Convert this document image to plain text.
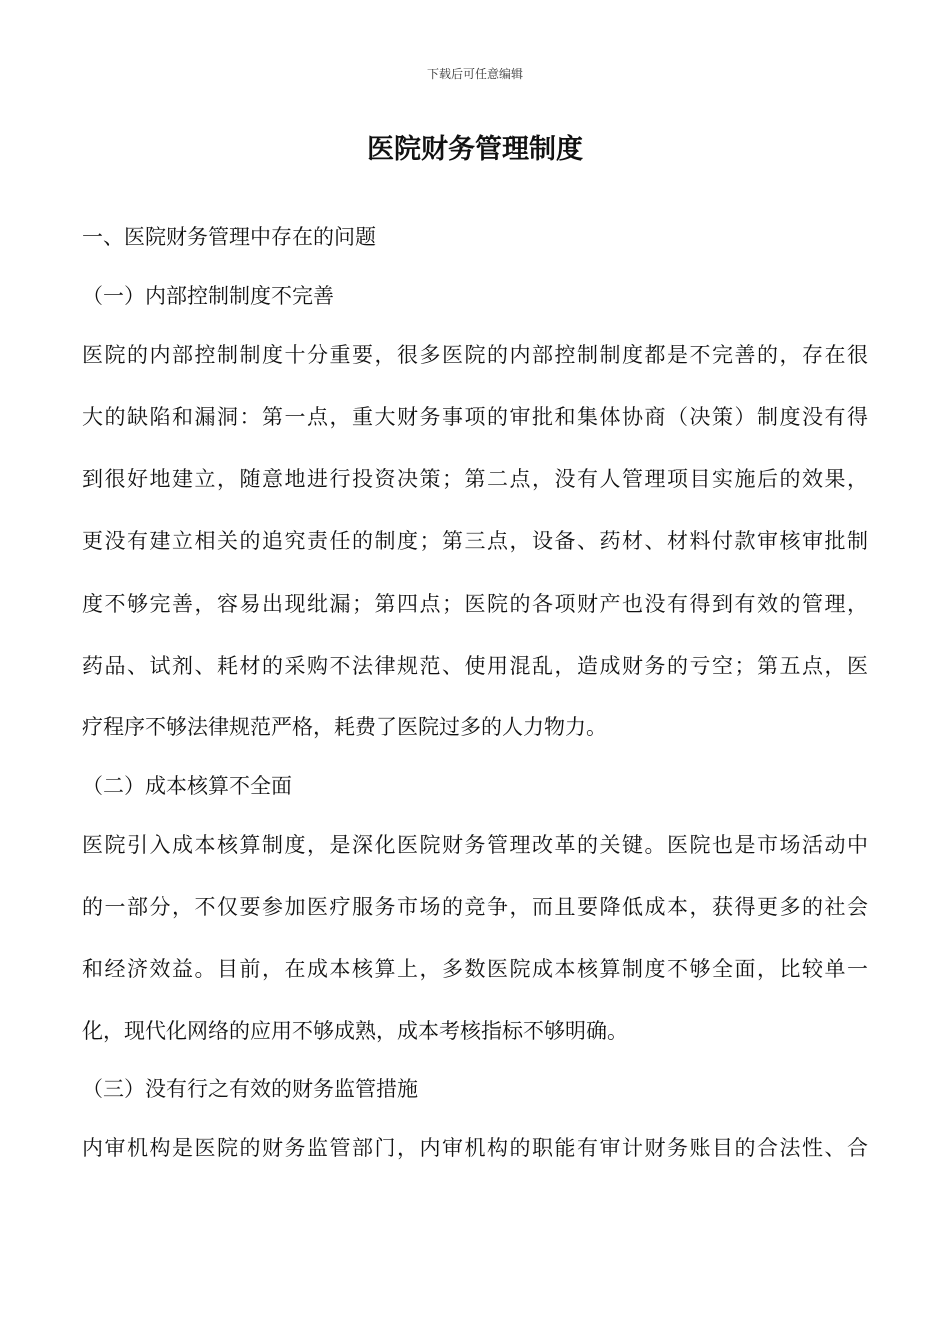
下载后可任意编辑
医院财务管理制度
一、医院财务管理中存在的问题
（一）内部控制制度不完善
医院的内部控制制度十分重要，很多医院的内部控制制度都是不完善的，存在很
大的缺陷和漏洞：第一点，重大财务事项的审批和集体协商（决策）制度没有得
到很好地建立，随意地进行投资决策；第二点，没有人管理项目实施后的效果，
更没有建立相关的追究责任的制度；第三点，设备、药材、材料付款审核审批制
度不够完善，容易出现纰漏；第四点；医院的各项财产也没有得到有效的管理，
药品、试剂、耗材的采购不法律规范、使用混乱，造成财务的亏空；第五点，医
疗程序不够法律规范严格，耗费了医院过多的人力物力。
（二）成本核算不全面
医院引入成本核算制度，是深化医院财务管理改革的关键。医院也是市场活动中
的一部分，不仅要参加医疗服务市场的竞争，而且要降低成本，获得更多的社会
和经济效益。目前，在成本核算上，多数医院成本核算制度不够全面，比较单一
化，现代化网络的应用不够成熟，成本考核指标不够明确。
（三）没有行之有效的财务监管措施
内审机构是医院的财务监管部门，内审机构的职能有审计财务账目的合法性、合
